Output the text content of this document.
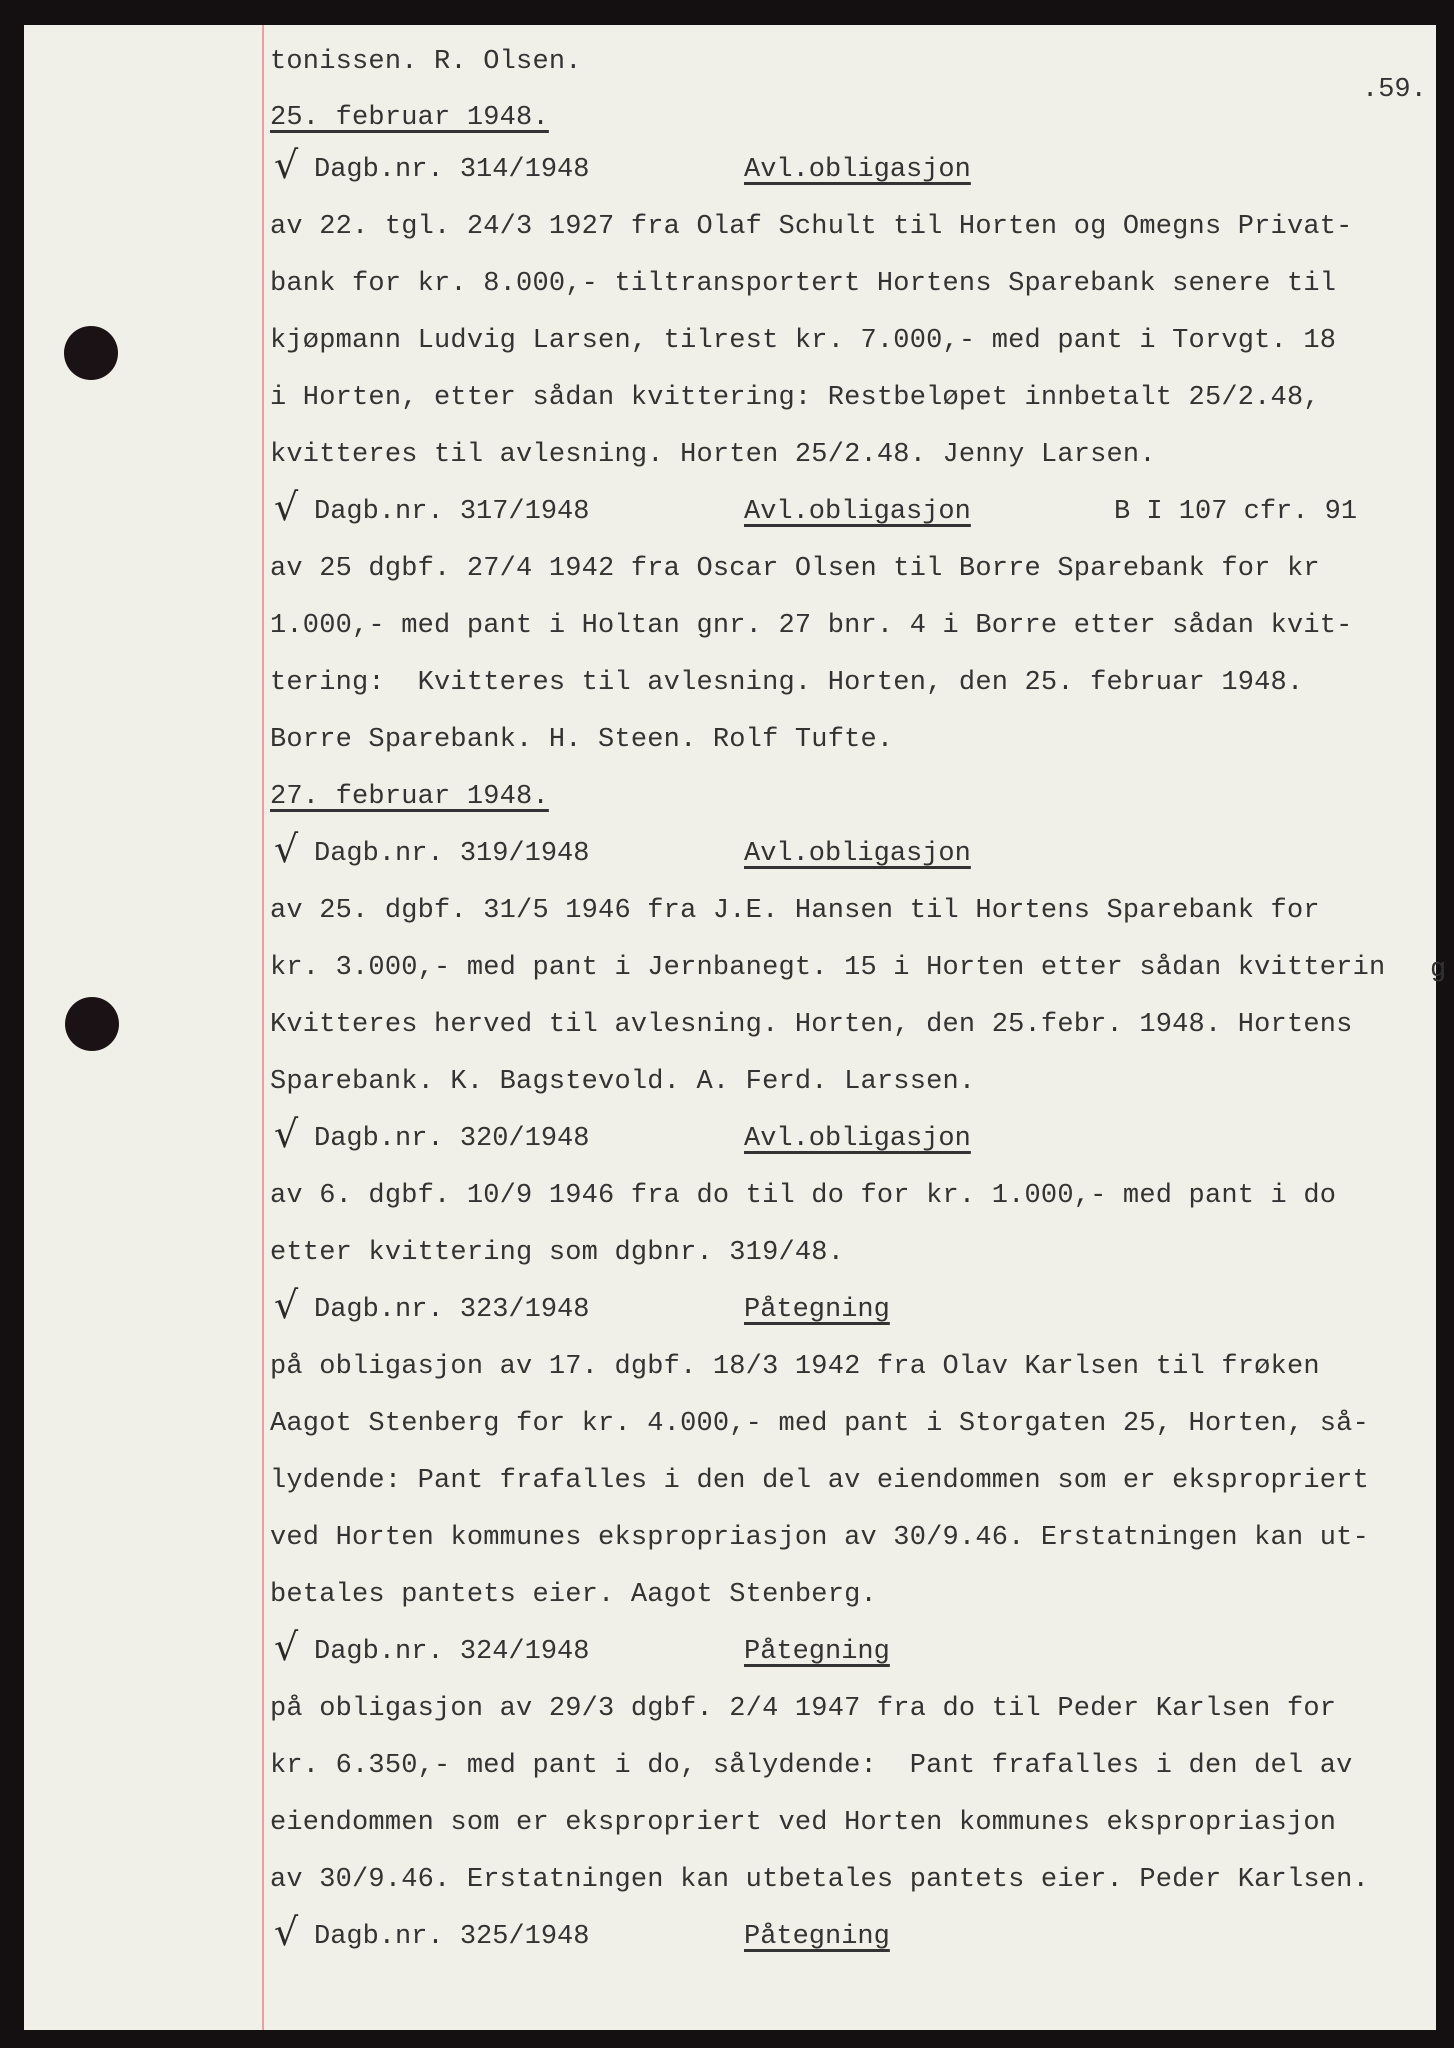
tonissen. R. Olsen.
.59.
25. februar 1948.
√ Dagb.nr. 314/1948	Avl.obligasjon
av 22. tgl. 24/3 1927 fra Olaf Schult til Horten og Omegns Privat-
bank for kr. 8.000,- tiltransportert Hortens Sparebank senere til
kjøpmann Ludvig Larsen, tilrest kr. 7.000,- med pant i Torvgt. 18
i Horten, etter sådan kvittering: Restbeløpet innbetalt 25/2.48,
kvitteres til avlesning. Horten 25/2.48. Jenny Larsen.
√ Dagb.nr. 317/1948	Avl.obligasjon	B I 107 cfr. 91
av 25 dgbf. 27/4 1942 fra Oscar Olsen til Borre Sparebank for kr
1.000,- med pant i Holtan gnr. 27 bnr. 4 i Borre etter sådan kvit-
tering:  Kvitteres til avlesning. Horten, den 25. februar 1948.
Borre Sparebank. H. Steen. Rolf Tufte.
27. februar 1948.
√ Dagb.nr. 319/1948	Avl.obligasjon
av 25. dgbf. 31/5 1946 fra J.E. Hansen til Hortens Sparebank for
kr. 3.000,- med pant i Jernbanegt. 15 i Horten etter sådan kvitterin g
Kvitteres herved til avlesning. Horten, den 25.febr. 1948. Hortens
Sparebank. K. Bagstevold. A. Ferd. Larssen.
√ Dagb.nr. 320/1948	Avl.obligasjon
av 6. dgbf. 10/9 1946 fra do til do for kr. 1.000,- med pant i do
etter kvittering som dgbnr. 319/48.
√ Dagb.nr. 323/1948	Påtegning
på obligasjon av 17. dgbf. 18/3 1942 fra Olav Karlsen til frøken
Aagot Stenberg for kr. 4.000,- med pant i Storgaten 25, Horten, så-
lydende: Pant frafalles i den del av eiendommen som er ekspropriert
ved Horten kommunes ekspropriasjon av 30/9.46. Erstatningen kan ut-
betales pantets eier. Aagot Stenberg.
√ Dagb.nr. 324/1948	Påtegning
på obligasjon av 29/3 dgbf. 2/4 1947 fra do til Peder Karlsen for
kr. 6.350,- med pant i do, sålydende:  Pant frafalles i den del av
eiendommen som er ekspropriert ved Horten kommunes ekspropriasjon
av 30/9.46. Erstatningen kan utbetales pantets eier. Peder Karlsen.
√ Dagb.nr. 325/1948	Påtegning
